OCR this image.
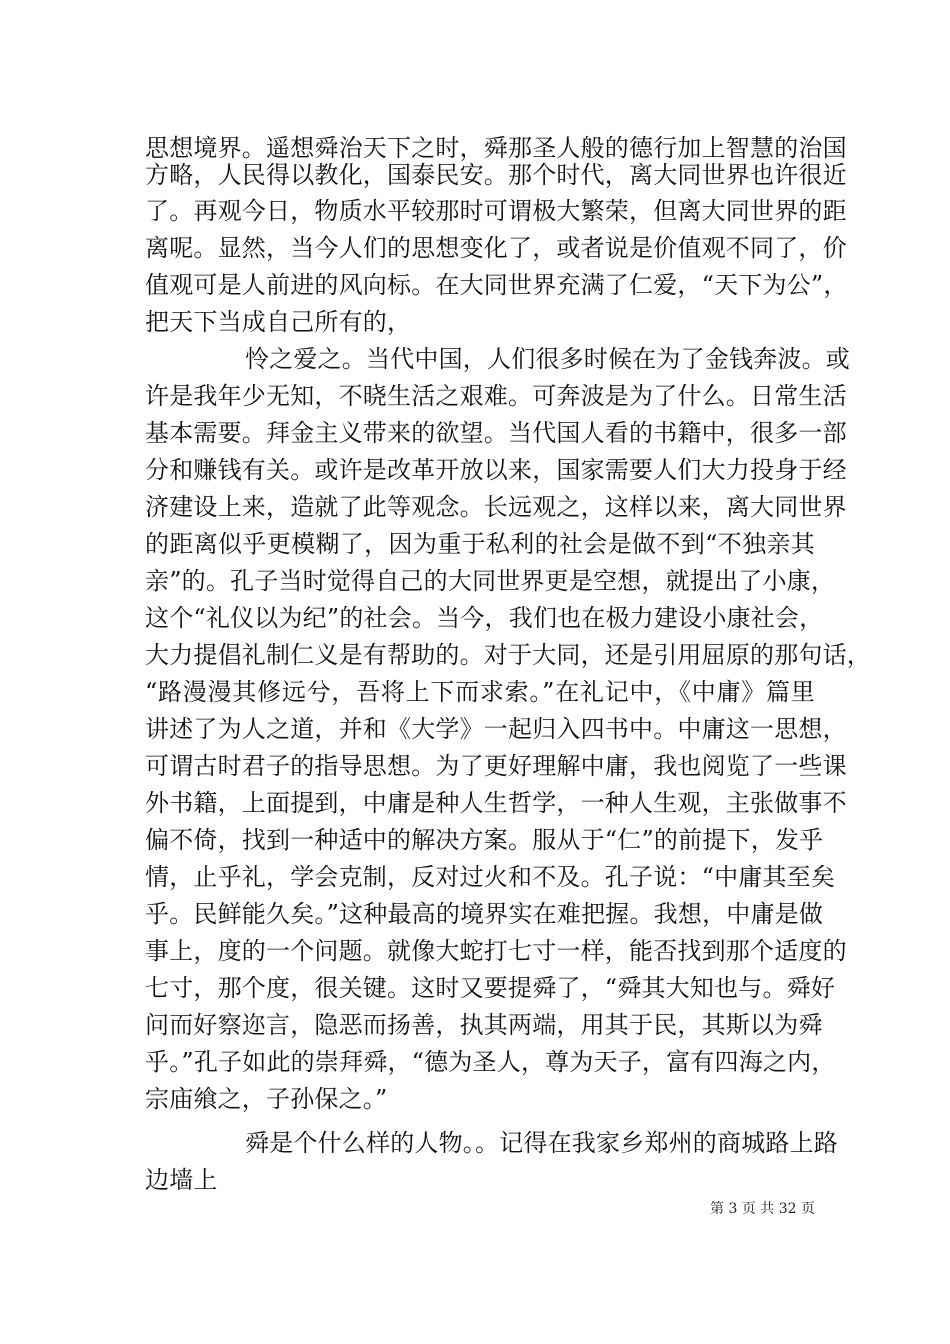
思想境界。遥想舜治天下之时，舜那圣人般的德行加上智慧的治国
方略，人民得以教化，国泰民安。那个时代，离大同世界也许很近
了。再观今日，物质水平较那时可谓极大繁荣，但离大同世界的距
离呢。显然，当今人们的思想变化了，或者说是价值观不同了，价
值观可是人前进的风向标。在大同世界充满了仁爱，“天下为公”，
把天下当成自己所有的，
怜之爱之。当代中国，人们很多时候在为了金钱奔波。或
许是我年少无知，不晓生活之艰难。可奔波是为了什么。日常生活
基本需要。拜金主义带来的欲望。当代国人看的书籍中，很多一部
分和赚钱有关。或许是改革开放以来，国家需要人们大力投身于经
济建设上来，造就了此等观念。长远观之，这样以来，离大同世界
的距离似乎更模糊了，因为重于私利的社会是做不到“不独亲其
亲”的。孔子当时觉得自己的大同世界更是空想，就提出了小康，
这个“礼仪以为纪”的社会。当今，我们也在极力建设小康社会，
大力提倡礼制仁义是有帮助的。对于大同，还是引用屈原的那句话，
“路漫漫其修远兮，吾将上下而求索。”在礼记中，《中庸》篇里
讲述了为人之道，并和《大学》一起归入四书中。中庸这一思想，
可谓古时君子的指导思想。为了更好理解中庸，我也阅览了一些课
外书籍，上面提到，中庸是种人生哲学，一种人生观，主张做事不
偏不倚，找到一种适中的解决方案。服从于“仁”的前提下，发乎
情，止乎礼，学会克制，反对过火和不及。孔子说：“中庸其至矣
乎。民鲜能久矣。”这种最高的境界实在难把握。我想，中庸是做
事上，度的一个问题。就像大蛇打七寸一样，能否找到那个适度的
七寸，那个度，很关键。这时又要提舜了，“舜其大知也与。舜好
问而好察迩言，隐恶而扬善，执其两端，用其于民，其斯以为舜
乎。”孔子如此的崇拜舜，“德为圣人，尊为天子，富有四海之内，
宗庙飨之，子孙保之。”
舜是个什么样的人物。。记得在我家乡郑州的商城路上路
边墙上
第 3 页 共 32 页
